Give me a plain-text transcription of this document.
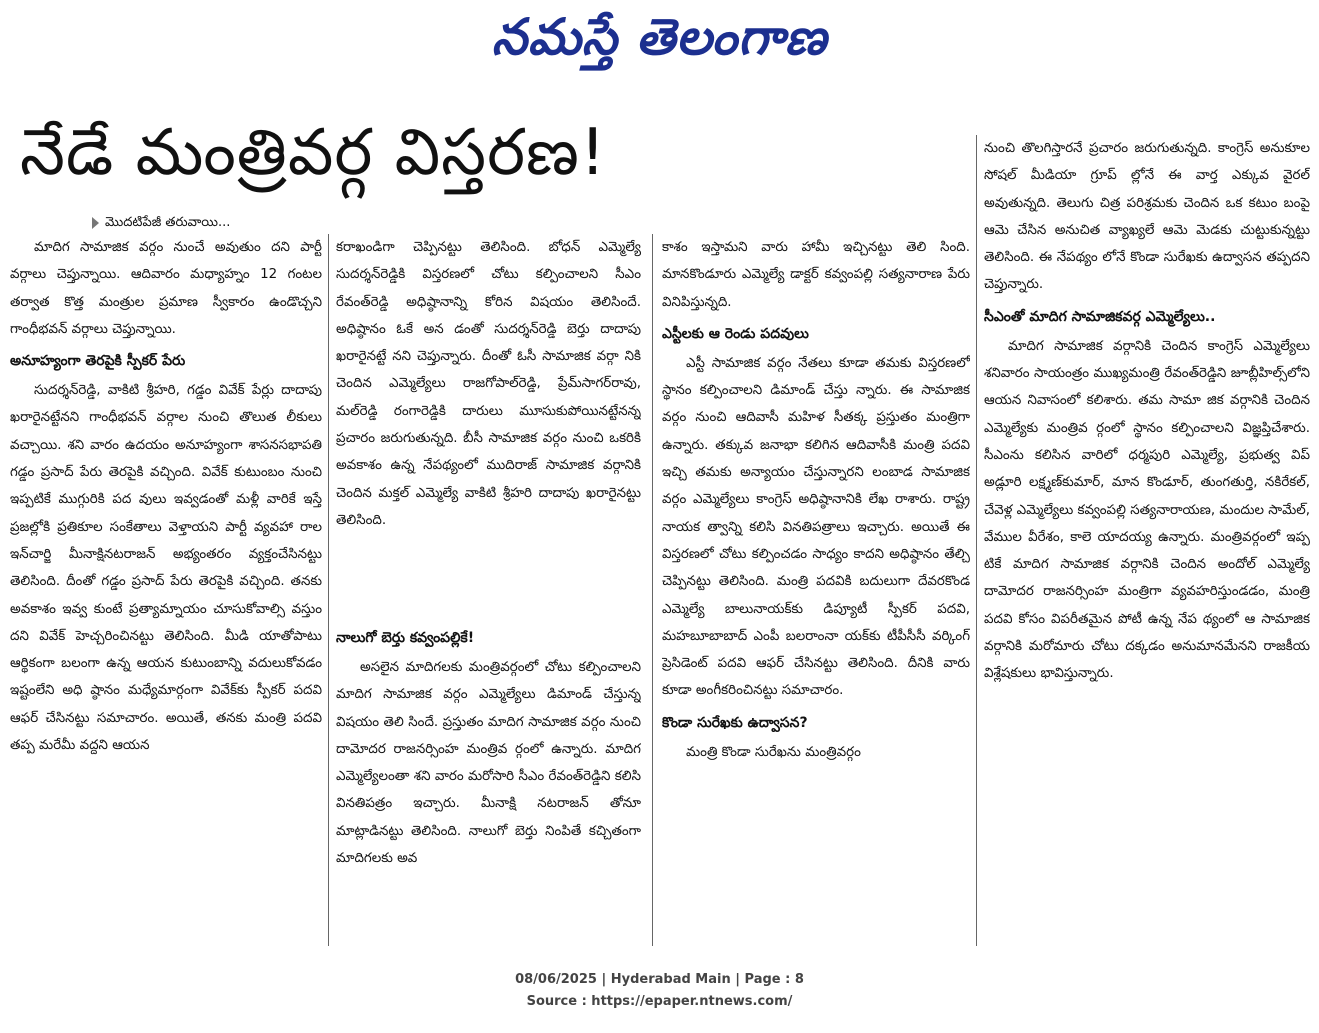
నమస్తే తెలంగాణ
నేడే మంత్రివర్గ విస్తరణ!
మొదటిపేజీ తరువాయి...

మాదిగ సామాజిక వర్గం నుంచే అవుతుం దని పార్టీ వర్గాలు చెప్తున్నాయి. ఆదివారం మధ్యాహ్నం 12 గంటల తర్వాత కొత్త మంత్రుల ప్రమాణ స్వీకారం ఉండొచ్చని గాంధీభవన్ వర్గాలు చెప్తున్నాయి.

అనూహ్యంగా తెరపైకి స్పీకర్ పేరు

సుదర్శన్‌రెడ్డి, వాకిటి శ్రీహరి, గడ్డం వివేక్ పేర్లు దాదాపు ఖరారైనట్టేనని గాంధీభవన్ వర్గాల నుంచి తొలుత లీకులు వచ్చాయి. శని వారం ఉదయం అనూహ్యంగా శాసనసభాపతి గడ్డం ప్రసాద్ పేరు తెరపైకి వచ్చింది. వివేక్ కుటుంబం నుంచి ఇప్పటికే ముగ్గురికి పద వులు ఇవ్వడంతో మళ్లీ వారికే ఇస్తే ప్రజల్లోకి ప్రతికూల సంకేతాలు వెళ్తాయని పార్టీ వ్యవహా రాల ఇన్‌చార్జి మీనాక్షినటరాజన్ అభ్యంతరం వ్యక్తంచేసినట్టు తెలిసింది. దీంతో గడ్డం ప్రసాద్ పేరు తెరపైకి వచ్చింది. తనకు అవకాశం ఇవ్వ కుంటే ప్రత్యామ్నాయం చూసుకోవాల్సి వస్తుం దని వివేక్ హెచ్చరించినట్టు తెలిసింది. మీడి యాతోపాటు ఆర్థికంగా బలంగా ఉన్న ఆయన కుటుంబాన్ని వదులుకోవడం ఇష్టంలేని అధి ష్ఠానం మధ్యేమార్గంగా వివేక్‌కు స్పీకర్ పదవి ఆఫర్ చేసినట్టు సమాచారం. అయితే, తనకు మంత్రి పదవి తప్ప మరేమీ వద్దని ఆయన

కరాఖండిగా చెప్పినట్టు తెలిసింది. బోధన్ ఎమ్మెల్యే సుదర్శన్‌రెడ్డికి విస్తరణలో చోటు కల్పించాలని సీఎం రేవంత్‌రెడ్డి అధిష్ఠానాన్ని కోరిన విషయం తెలిసిందే. అధిష్ఠానం ఓకే అన డంతో సుదర్శన్‌రెడ్డి బెర్తు దాదాపు ఖరారైనట్టే నని చెప్తున్నారు. దీంతో ఓసీ సామాజిక వర్గా నికి చెందిన ఎమ్మెల్యేలు రాజగోపాల్‌రెడ్డి, ప్రేమ్‌సాగర్‌రావు, మల్‌రెడ్డి రంగారెడ్డికి దారులు మూసుకుపోయినట్టేనన్న ప్రచారం జరుగుతున్నది. బీసీ సామాజిక వర్గం నుంచి ఒకరికి అవకాశం ఉన్న నేపథ్యంలో ముదిరాజ్ సామాజిక వర్గానికి చెందిన మక్తల్ ఎమ్మెల్యే వాకిటి శ్రీహరి దాదాపు ఖరారైనట్టు తెలిసింది.

నాలుగో బెర్తు కవ్వంపల్లికే!

అసలైన మాదిగలకు మంత్రివర్గంలో చోటు కల్పించాలని మాదిగ సామాజిక వర్గం ఎమ్మెల్యేలు డిమాండ్ చేస్తున్న విషయం తెలి సిందే. ప్రస్తుతం మాదిగ సామాజిక వర్గం నుంచి దామోదర రాజనర్సింహ మంత్రివ ర్గంలో ఉన్నారు. మాదిగ ఎమ్మెల్యేలంతా శని వారం మరోసారి సీఎం రేవంత్‌రెడ్డిని కలిసి వినతిపత్రం ఇచ్చారు. మీనాక్షి నటరాజన్ తోనూ మాట్లాడినట్టు తెలిసింది. నాలుగో బెర్తు నింపితే కచ్చితంగా మాదిగలకు అవ

కాశం ఇస్తామని వారు హామీ ఇచ్చినట్టు తెలి సింది. మానకొండూరు ఎమ్మెల్యే డాక్టర్ కవ్వంపల్లి సత్యనారాణ పేరు వినిపిస్తున్నది.

ఎస్టీలకు ఆ రెండు పదవులు

ఎస్టీ సామాజిక వర్గం నేతలు కూడా తమకు విస్తరణలో స్థానం కల్పించాలని డిమాండ్ చేస్తు న్నారు. ఈ సామాజిక వర్గం నుంచి ఆదివాసీ మహిళ సీతక్క ప్రస్తుతం మంత్రిగా ఉన్నారు. తక్కువ జనాభా కలిగిన ఆదివాసీకి మంత్రి పదవి ఇచ్చి తమకు అన్యాయం చేస్తున్నారని లంబాడ సామాజిక వర్గం ఎమ్మెల్యేలు కాంగ్రెస్ అధిష్ఠానానికి లేఖ రాశారు. రాష్ట్ర నాయక త్వాన్ని కలిసి వినతిపత్రాలు ఇచ్చారు. అయితే ఈ విస్తరణలో చోటు కల్పించడం సాధ్యం కాదని అధిష్ఠానం తేల్చి చెప్పినట్టు తెలిసింది. మంత్రి పదవికి బదులుగా దేవరకొండ ఎమ్మెల్యే బాలునాయక్‌కు డిప్యూటీ స్పీకర్ పదవి, మహబూబాబాద్ ఎంపీ బలరాంనా యక్‌కు టీపీసీసీ వర్కింగ్ ప్రెసిడెంట్ పదవి ఆఫర్ చేసినట్టు తెలిసింది. దీనికి వారు కూడా అంగీకరించినట్టు సమాచారం.

కొండా సురేఖకు ఉద్వాసన?

మంత్రి కొండా సురేఖను మంత్రివర్గం

నుంచి తొలగిస్తారనే ప్రచారం జరుగుతున్నది. కాంగ్రెస్ అనుకూల సోషల్ మీడియా గ్రూప్ ల్లోనే ఈ వార్త ఎక్కువ వైరల్ అవుతున్నది. తెలుగు చిత్ర పరిశ్రమకు చెందిన ఒక కటుం బంపై ఆమె చేసిన అనుచిత వ్యాఖ్యలే ఆమె మెడకు చుట్టుకున్నట్టు తెలిసింది. ఈ నేపథ్యం లోనే కొండా సురేఖకు ఉద్వాసన తప్పదని చెప్తున్నారు.

సీఎంతో మాదిగ సామాజికవర్గ ఎమ్మెల్యేలు..

మాదిగ సామాజిక వర్గానికి చెందిన కాంగ్రెస్ ఎమ్మెల్యేలు శనివారం సాయంత్రం ముఖ్యమంత్రి రేవంత్‌రెడ్డిని జూబ్లీహిల్స్‌లోని ఆయన నివాసంలో కలిశారు. తమ సామా జిక వర్గానికి చెందిన ఎమ్మెల్యేకు మంత్రివ ర్గంలో స్థానం కల్పించాలని విజ్ఞప్తిచేశారు. సీఎంను కలిసిన వారిలో ధర్మపురి ఎమ్మెల్యే, ప్రభుత్వ విప్ అడ్లూరి లక్ష్మణ్‌కుమార్, మాన కొండూర్, తుంగతుర్తి, నకిరేకల్, చేవెళ్ల ఎమ్మెల్యేలు కవ్వంపల్లి సత్యనారాయణ, మందుల సామేల్, వేముల వీరేశం, కాలె యాదయ్య ఉన్నారు. మంత్రివర్గంలో ఇప్ప టికే మాదిగ సామాజిక వర్గానికి చెందిన అందోల్ ఎమ్మెల్యే దామోదర రాజనర్సింహ మంత్రిగా వ్యవహరిస్తుండడం, మంత్రి పదవి కోసం విపరీతమైన పోటీ ఉన్న నేప థ్యంలో ఆ సామాజిక వర్గానికి మరోమారు చోటు దక్కడం అనుమానమేనని రాజకీయ విశ్లేషకులు భావిస్తున్నారు.

08/06/2025 | Hyderabad Main | Page : 8
Source : https://epaper.ntnews.com/
